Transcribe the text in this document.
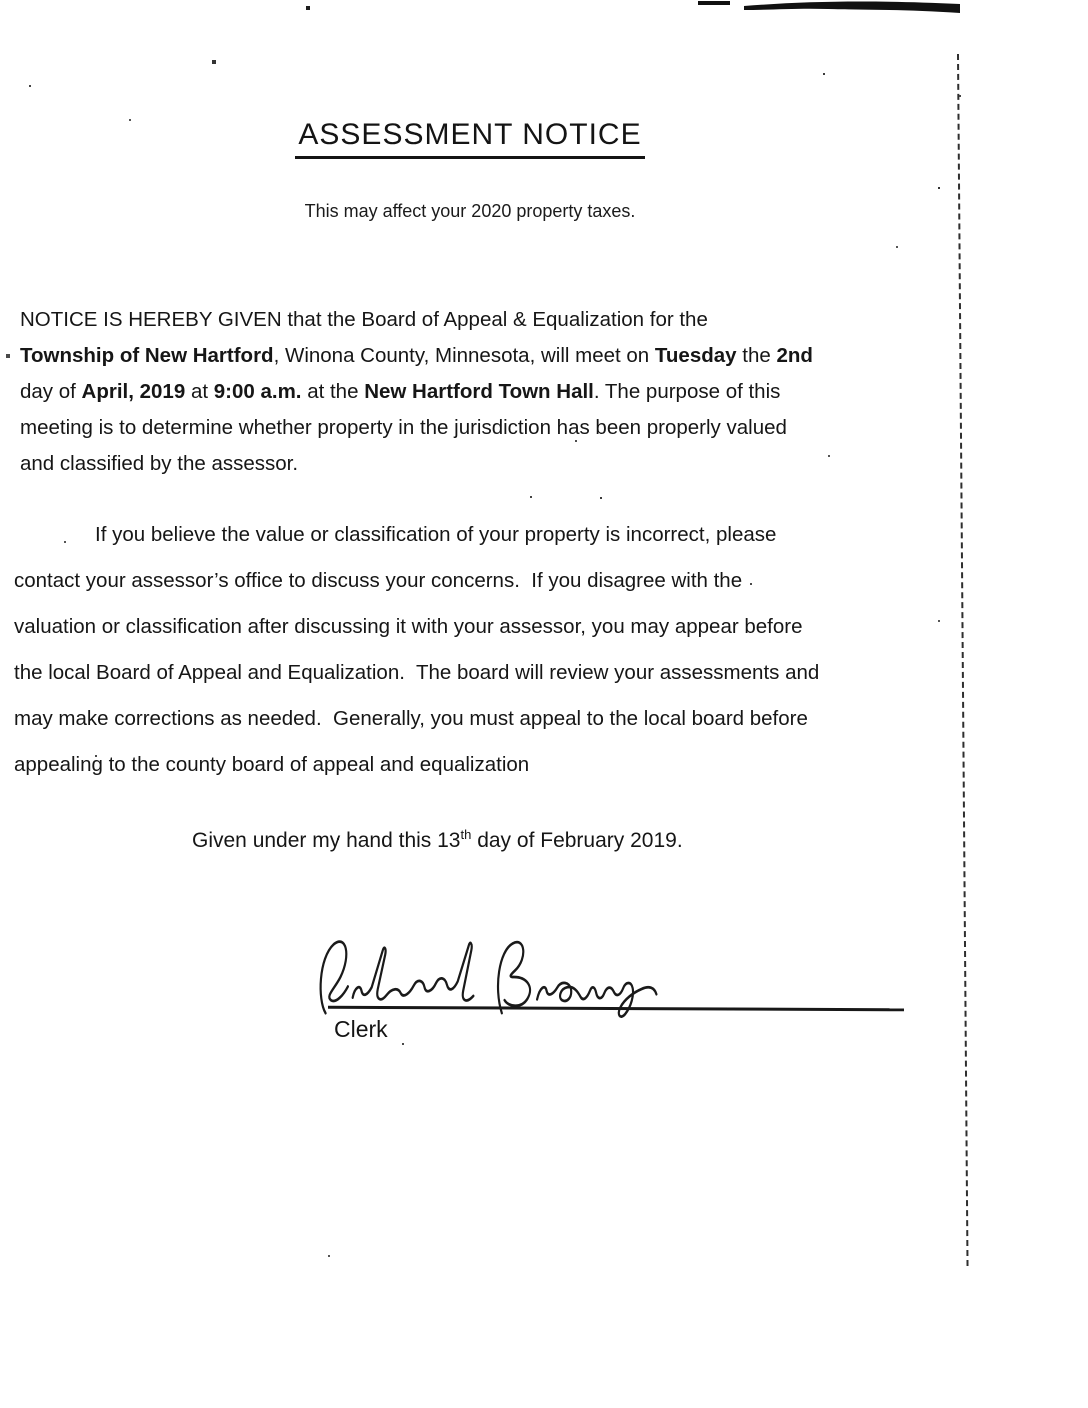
ASSESSMENT NOTICE
This may affect your 2020 property taxes.
NOTICE IS HEREBY GIVEN that the Board of Appeal & Equalization for the
Township of New Hartford, Winona County, Minnesota, will meet on Tuesday the 2nd
day of April, 2019 at 9:00 a.m. at the New Hartford Town Hall. The purpose of this
meeting is to determine whether property in the jurisdiction has been properly valued
and classified by the assessor.
If you believe the value or classification of your property is incorrect, please
contact your assessor’s office to discuss your concerns.  If you disagree with the
valuation or classification after discussing it with your assessor, you may appear before
the local Board of Appeal and Equalization.  The board will review your assessments and
may make corrections as needed.  Generally, you must appeal to the local board before
appealing to the county board of appeal and equalization
Given under my hand this 13th day of February 2019.
Clerk
